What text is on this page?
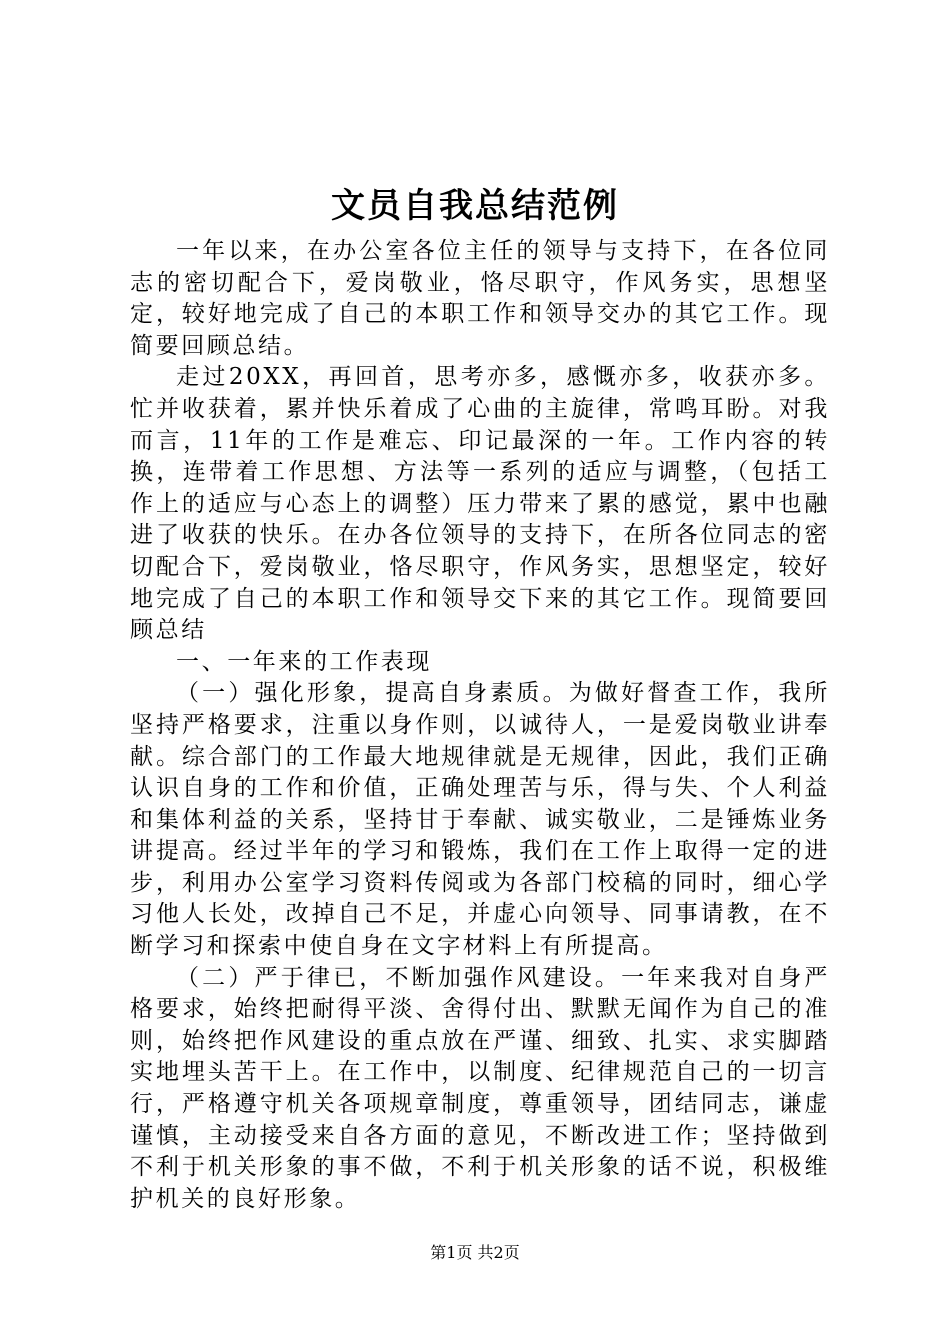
文员自我总结范例

一年以来，在办公室各位主任的领导与支持下，在各位同志的密切配合下，爱岗敬业，恪尽职守，作风务实，思想坚定，较好地完成了自己的本职工作和领导交办的其它工作。现简要回顾总结。

走过20XX，再回首，思考亦多，感慨亦多，收获亦多。忙并收获着，累并快乐着成了心曲的主旋律，常鸣耳盼。对我而言，11年的工作是难忘、印记最深的一年。工作内容的转换，连带着工作思想、方法等一系列的适应与调整，（包括工作上的适应与心态上的调整）压力带来了累的感觉，累中也融进了收获的快乐。在办各位领导的支持下，在所各位同志的密切配合下，爱岗敬业，恪尽职守，作风务实，思想坚定，较好地完成了自己的本职工作和领导交下来的其它工作。现简要回顾总结

一、一年来的工作表现

（一）强化形象，提高自身素质。为做好督查工作，我所坚持严格要求，注重以身作则，以诚待人，一是爱岗敬业讲奉献。综合部门的工作最大地规律就是无规律，因此，我们正确认识自身的工作和价值，正确处理苦与乐，得与失、个人利益和集体利益的关系，坚持甘于奉献、诚实敬业，二是锤炼业务讲提高。经过半年的学习和锻炼，我们在工作上取得一定的进步，利用办公室学习资料传阅或为各部门校稿的同时，细心学习他人长处，改掉自己不足，并虚心向领导、同事请教，在不断学习和探索中使自身在文字材料上有所提高。

（二）严于律已，不断加强作风建设。一年来我对自身严格要求，始终把耐得平淡、舍得付出、默默无闻作为自己的准则，始终把作风建设的重点放在严谨、细致、扎实、求实脚踏实地埋头苦干上。在工作中，以制度、纪律规范自己的一切言行，严格遵守机关各项规章制度，尊重领导，团结同志，谦虚谨慎，主动接受来自各方面的意见，不断改进工作；坚持做到不利于机关形象的事不做，不利于机关形象的话不说，积极维护机关的良好形象。

第1页 共2页
